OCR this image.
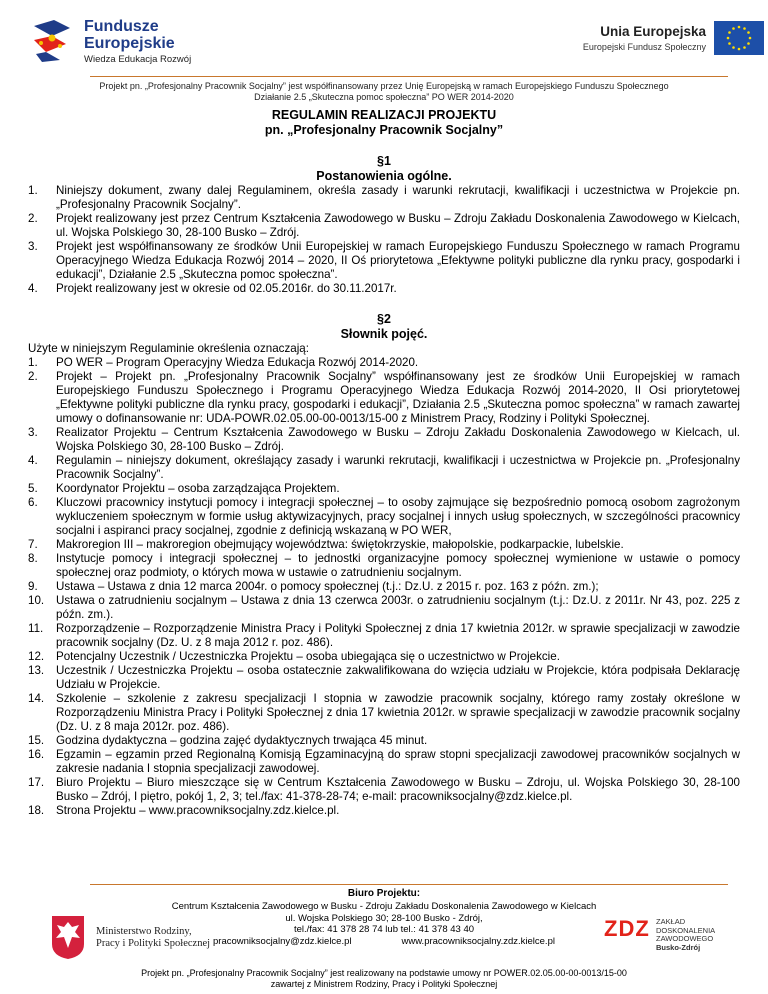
Fundusze
Europejskie
Wiedza Edukacja Rozwój
Unia Europejska
Europejski Fundusz Społeczny
Projekt pn. „Profesjonalny Pracownik Socjalny” jest współfinansowany przez Unię Europejską w ramach Europejskiego Funduszu Społecznego
Działanie 2.5 „Skuteczna pomoc społeczna” PO WER 2014-2020
REGULAMIN REALIZACJI PROJEKTU
pn. „Profesjonalny Pracownik Socjalny”
§1
Postanowienia ogólne.
1.	Niniejszy dokument, zwany dalej Regulaminem, określa zasady i warunki rekrutacji, kwalifikacji i uczestnictwa w Projekcie pn. „Profesjonalny Pracownik Socjalny”.
2.	Projekt realizowany jest przez Centrum Kształcenia Zawodowego w Busku – Zdroju Zakładu Doskonalenia Zawodowego w Kielcach, ul. Wojska Polskiego 30, 28-100 Busko – Zdrój.
3.	Projekt jest współfinansowany ze środków Unii Europejskiej w ramach Europejskiego Funduszu Społecznego w ramach Programu Operacyjnego Wiedza Edukacja Rozwój 2014 – 2020, II Oś priorytetowa „Efektywne polityki publiczne dla rynku pracy, gospodarki i edukacji”, Działanie 2.5 „Skuteczna pomoc społeczna”.
4.	Projekt realizowany jest w okresie od 02.05.2016r. do 30.11.2017r.
§2
Słownik pojęć.
Użyte w niniejszym Regulaminie określenia oznaczają:
1.	PO WER – Program Operacyjny Wiedza Edukacja Rozwój 2014-2020.
2.	Projekt – Projekt pn. „Profesjonalny Pracownik Socjalny” współfinansowany jest ze środków Unii Europejskiej w ramach Europejskiego Funduszu Społecznego i Programu Operacyjnego Wiedza Edukacja Rozwój 2014-2020, II Osi priorytetowej „Efektywne polityki publiczne dla rynku pracy, gospodarki i edukacji”, Działania 2.5 „Skuteczna pomoc społeczna” w ramach zawartej umowy o dofinansowanie nr: UDA-POWR.02.05.00-00-0013/15-00 z Ministrem Pracy, Rodziny i Polityki Społecznej.
3.	Realizator Projektu – Centrum Kształcenia Zawodowego w Busku – Zdroju Zakładu Doskonalenia Zawodowego w Kielcach, ul. Wojska Polskiego 30, 28-100 Busko – Zdrój.
4.	Regulamin – niniejszy dokument, określający zasady i warunki rekrutacji, kwalifikacji i uczestnictwa w Projekcie pn. „Profesjonalny Pracownik Socjalny”.
5.	Koordynator Projektu – osoba zarządzająca Projektem.
6.	Kluczowi pracownicy instytucji pomocy i integracji społecznej – to osoby zajmujące się bezpośrednio pomocą osobom zagrożonym wykluczeniem społecznym w formie usług aktywizacyjnych, pracy socjalnej i innych usług społecznych, w szczególności pracownicy socjalni i aspiranci pracy socjalnej, zgodnie z definicją wskazaną w PO WER,
7.	Makroregion III – makroregion obejmujący województwa: świętokrzyskie, małopolskie, podkarpackie, lubelskie.
8.	Instytucje pomocy i integracji społecznej – to jednostki organizacyjne pomocy społecznej wymienione w ustawie o pomocy społecznej oraz podmioty, o których mowa w ustawie o zatrudnieniu socjalnym.
9.	Ustawa – Ustawa z dnia 12 marca 2004r. o pomocy społecznej (t.j.: Dz.U. z 2015 r. poz. 163 z późn. zm.);
10.	Ustawa o zatrudnieniu socjalnym – Ustawa z dnia 13 czerwca 2003r. o zatrudnieniu socjalnym (t.j.: Dz.U. z 2011r. Nr 43, poz. 225 z późn. zm.).
11.	Rozporządzenie – Rozporządzenie Ministra Pracy i Polityki Społecznej z dnia 17 kwietnia 2012r. w sprawie specjalizacji w zawodzie pracownik socjalny (Dz. U. z 8 maja 2012 r. poz. 486).
12.	Potencjalny Uczestnik / Uczestniczka Projektu – osoba ubiegająca się o uczestnictwo w Projekcie.
13.	Uczestnik / Uczestniczka Projektu – osoba ostatecznie zakwalifikowana do wzięcia udziału w Projekcie, która podpisała Deklarację Udziału w Projekcie.
14.	Szkolenie – szkolenie z zakresu specjalizacji I stopnia w zawodzie pracownik socjalny, którego ramy zostały określone w Rozporządzeniu Ministra Pracy i Polityki Społecznej z dnia 17 kwietnia 2012r. w sprawie specjalizacji w zawodzie pracownik socjalny (Dz. U. z 8 maja 2012r. poz. 486).
15.	Godzina dydaktyczna – godzina zajęć dydaktycznych trwająca 45 minut.
16.	Egzamin – egzamin przed Regionalną Komisją Egzaminacyjną do spraw stopni specjalizacji zawodowej pracowników socjalnych w zakresie nadania I stopnia specjalizacji zawodowej.
17.	Biuro Projektu – Biuro mieszczące się w Centrum Kształcenia Zawodowego w Busku – Zdroju, ul. Wojska Polskiego 30, 28-100 Busko – Zdrój, I piętro, pokój 1, 2, 3; tel./fax: 41-378-28-74; e-mail: pracowniksocjalny@zdz.kielce.pl.
18.	Strona Projektu – www.pracowniksocjalny.zdz.kielce.pl.
Biuro Projektu:
Centrum Kształcenia Zawodowego w Busku - Zdroju Zakładu Doskonalenia Zawodowego w Kielcach
ul. Wojska Polskiego 30; 28-100 Busko - Zdrój,
tel./fax: 41 378 28 74 lub tel.: 41 378 43 40
pracowniksocjalny@zdz.kielce.pl	www.pracowniksocjalny.zdz.kielce.pl
Ministerstwo Rodziny,
Pracy i Polityki Społecznej
ZDZ ZAKŁAD
DOSKONALENIA
ZAWODOWEGO
Busko-Zdrój
Projekt pn. „Profesjonalny Pracownik Socjalny” jest realizowany na podstawie umowy nr POWER.02.05.00-00-0013/15-00
zawartej z Ministrem Rodziny, Pracy i Polityki Społecznej
